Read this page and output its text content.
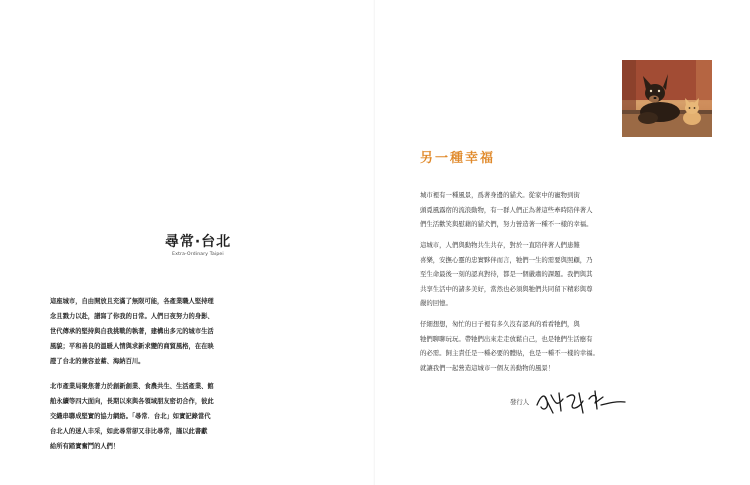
尋常·台北
Extra-Ordinary Taipei
這座城市，自由開放且充滿了無限可能，各產業職人堅持理
念且戮力以赴，譜寫了你我的日常。人們日夜努力的身影、
世代傳承的堅持與自我挑戰的執著，建構出多元的城市生活
風貌；平和善良的溫暖人情與求新求變的商貿風格，在在映
證了台北的兼容並蓄、海納百川。
北市產業局聚焦著力於創新創業、食農共生、生活產業、館
舶永續等四大面向，長期以來與各領域朋友密切合作，彼此
交織串聯成堅實的協力網絡。「尋常．台北」如實記錄當代
台北人的迷人丰采，如此尋常卻又非比尋常，謹以此書獻
給所有踏實奮鬥的人們！
另一種幸福
城市裡有一種風景，爲著身邊的貓犬。從家中的寵物到街
頭覓風露宿的流浪動物，有一群人們正為著這些牽時陪伴著人
們生活歡笑與慰藉的貓犬們，努力營造著一種不一樣的幸福。
這城市，人們與動物共生共存，對於一直陪伴著人們患難
喜樂，安撫心靈的忠實夥伴而言，牠們一生的需要與照顧，乃
至生命最後一刻的認真對待，都是一個嚴肅的課題。我們與其
共享生活中的諸多美好，當然也必須與牠們共同留下精彩與尊
嚴的回憶。
仔細想想，匆忙的日子裡有多久沒有認真的看看牠們，與
牠們聊聊玩玩。帶牠們出來走走放鬆自己，也是牠們生活應有
的必需。飼主責任是一種必要的體貼，也是一種不一樣的幸福。
就讓我們一起營造這城市一個友善動物的風景！
發行人
